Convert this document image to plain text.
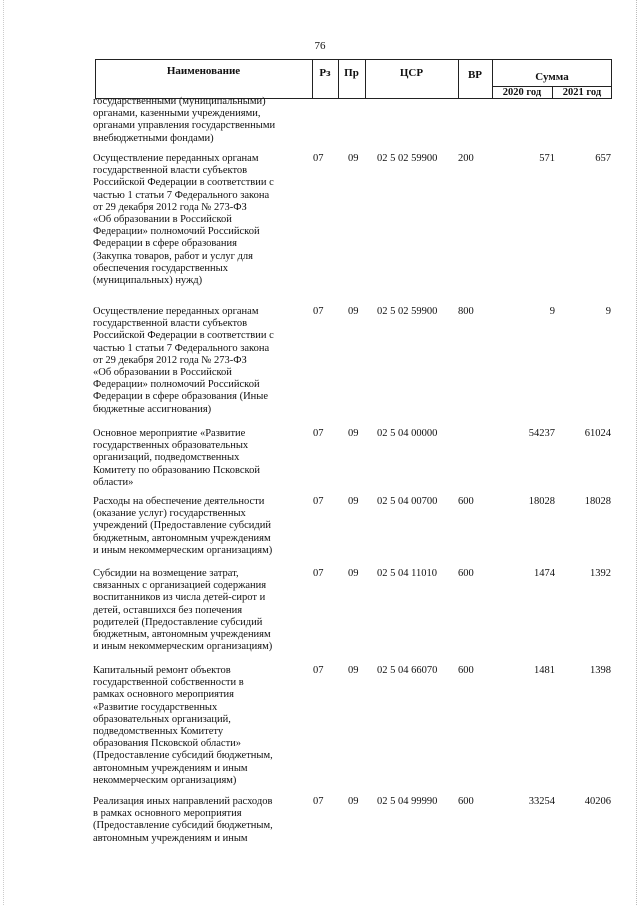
76
Наименование	Рз	Пр	ЦСР	ВР	Сумма
2020 год	2021 год
государственными (муниципальными)
органами, казенными учреждениями,
органами управления государственными
внебюджетными фондами)
Осуществление переданных органам
государственной власти субъектов
Российской Федерации в соответствии с
частью 1 статьи 7 Федерального закона
от 29 декабря 2012 года № 273-ФЗ
«Об образовании в Российской
Федерации» полномочий Российской
Федерации в сфере образования
(Закупка товаров, работ и услуг для
обеспечения государственных
(муниципальных) нужд)
07 09 02 5 02 59900 200	571	657
Осуществление переданных органам
государственной власти субъектов
Российской Федерации в соответствии с
частью 1 статьи 7 Федерального закона
от 29 декабря 2012 года № 273-ФЗ
«Об образовании в Российской
Федерации» полномочий Российской
Федерации в сфере образования (Иные
бюджетные ассигнования)
07 09 02 5 02 59900 800	9	9
Основное мероприятие «Развитие
государственных образовательных
организаций, подведомственных
Комитету по образованию Псковской
области»
07 09 02 5 04 00000	54237	61024
Расходы на обеспечение деятельности
(оказание услуг) государственных
учреждений (Предоставление субсидий
бюджетным, автономным учреждениям
и иным некоммерческим организациям)
07 09 02 5 04 00700 600	18028	18028
Субсидии на возмещение затрат,
связанных с организацией содержания
воспитанников из числа детей-сирот и
детей, оставшихся без попечения
родителей (Предоставление субсидий
бюджетным, автономным учреждениям
и иным некоммерческим организациям)
07 09 02 5 04 11010 600	1474	1392
Капитальный ремонт объектов
государственной собственности в
рамках основного мероприятия
«Развитие государственных
образовательных организаций,
подведомственных Комитету
образования Псковской области»
(Предоставление субсидий бюджетным,
автономным учреждениям и иным
некоммерческим организациям)
07 09 02 5 04 66070 600	1481	1398
Реализация иных направлений расходов
в рамках основного мероприятия
(Предоставление субсидий бюджетным,
автономным учреждениям и иным
07 09 02 5 04 99990 600	33254	40206
